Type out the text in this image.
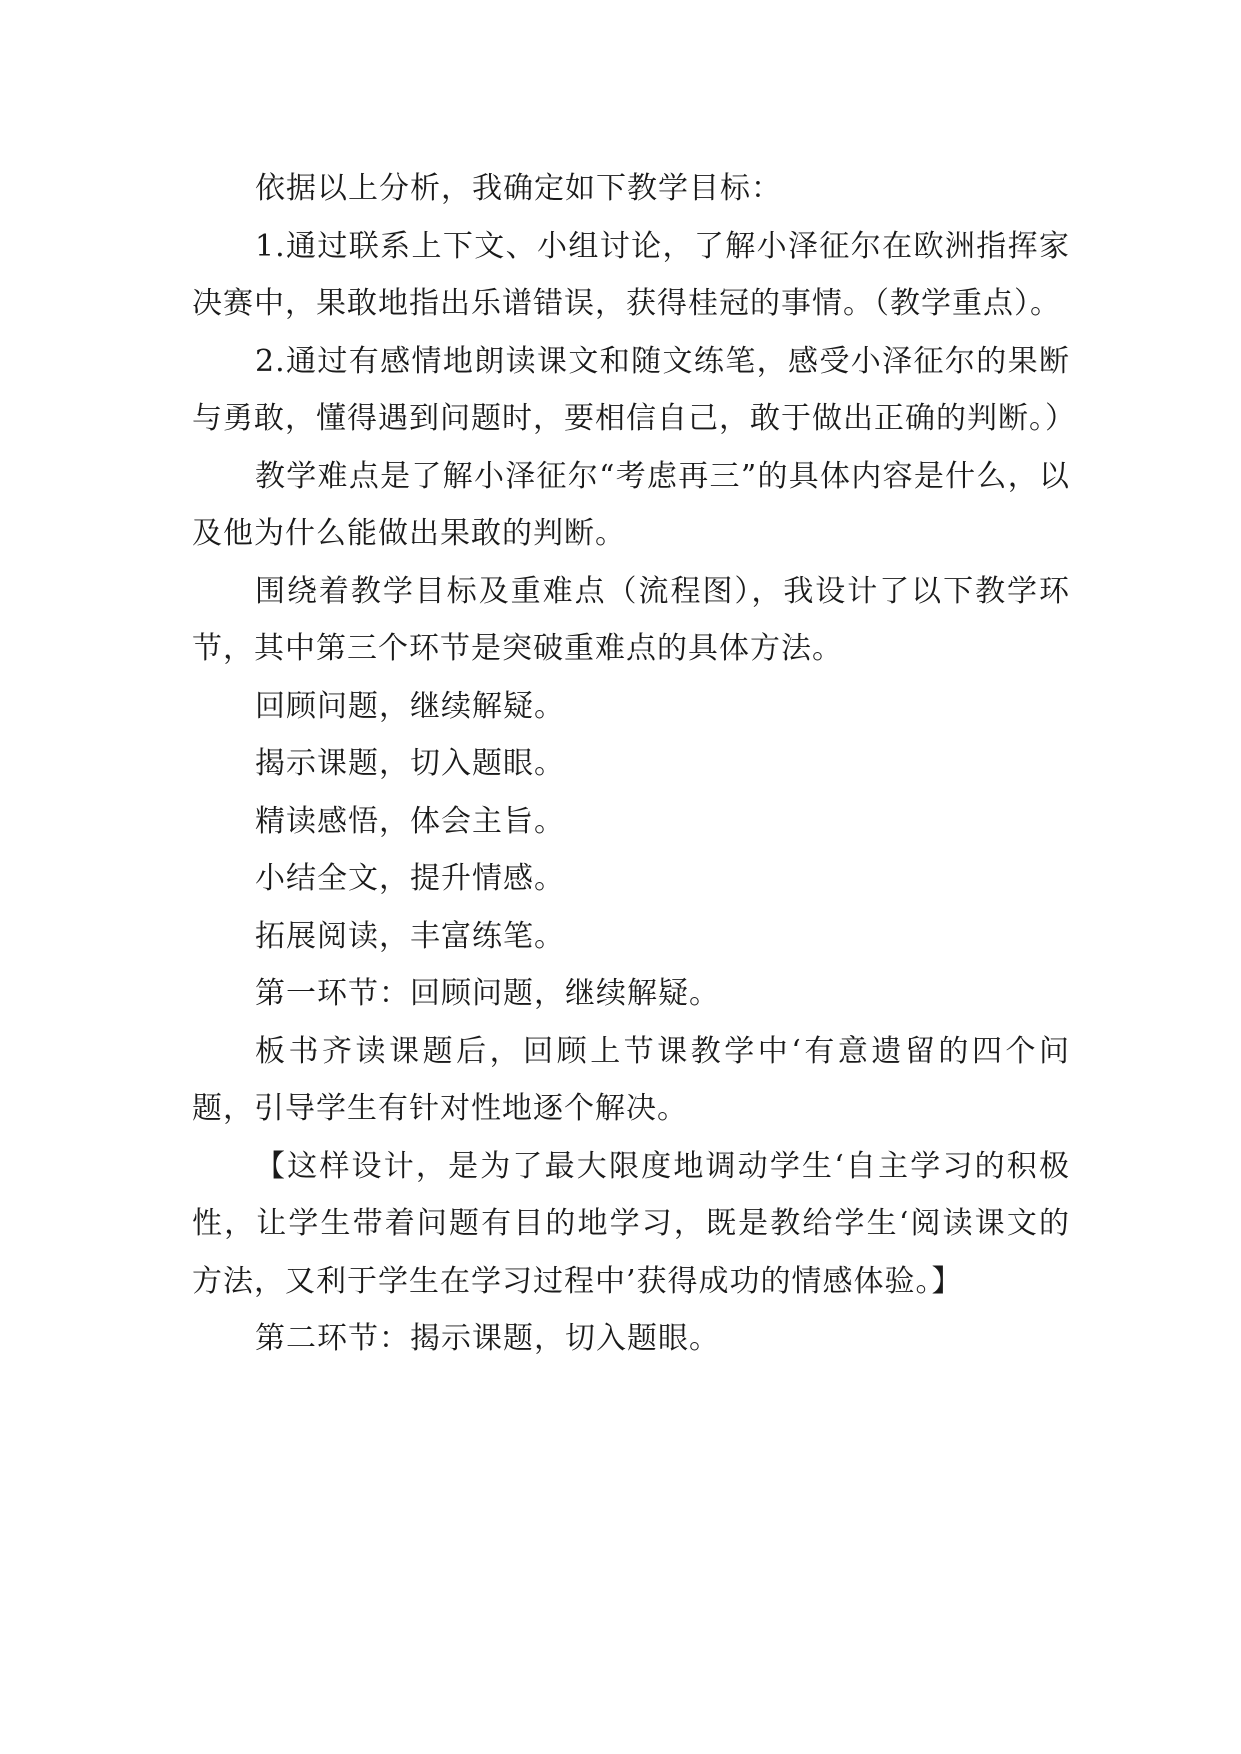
依据以上分析，我确定如下教学目标：

1.通过联系上下文、小组讨论，了解小泽征尔在欧洲指挥家决赛中，果敢地指出乐谱错误，获得桂冠的事情。（教学重点）。

2.通过有感情地朗读课文和随文练笔，感受小泽征尔的果断与勇敢，懂得遇到问题时，要相信自己，敢于做出正确的判断。）

教学难点是了解小泽征尔“考虑再三”的具体内容是什么，以及他为什么能做出果敢的判断。

围绕着教学目标及重难点（流程图），我设计了以下教学环节，其中第三个环节是突破重难点的具体方法。

回顾问题，继续解疑。

揭示课题，切入题眼。

精读感悟，体会主旨。

小结全文，提升情感。

拓展阅读，丰富练笔。

第一环节：回顾问题，继续解疑。

板书齐读课题后，回顾上节课教学中‘有意遗留的四个问题，引导学生有针对性地逐个解决。

【这样设计，是为了最大限度地调动学生‘自主学习的积极性，让学生带着问题有目的地学习，既是教给学生‘阅读课文的方法，又利于学生在学习过程中’获得成功的情感体验。】

第二环节：揭示课题，切入题眼。
